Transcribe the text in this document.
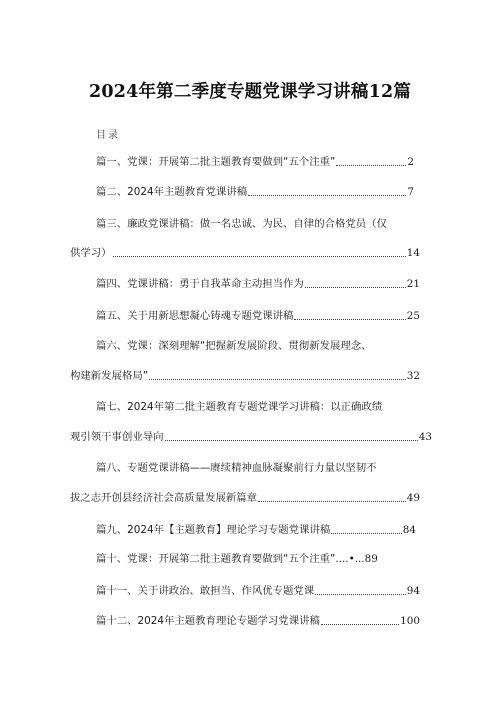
2024年第二季度专题党课学习讲稿12篇
目录
篇一、党课：开展第二批主题教育要做到“五个注重”	2
篇二、2024年主题教育党课讲稿	7
篇三、廉政党课讲稿：做一名忠诚、为民、自律的合格党员（仅
供学习）	14
篇四、党课讲稿：勇于自我革命主动担当作为	21
篇五、关于用新思想凝心铸魂专题党课讲稿	25
篇六、党课：深刻理解“把握新发展阶段、贯彻新发展理念、
构建新发展格局”	32
篇七、2024年第二批主题教育专题党课学习讲稿：以正确政绩
观引领干事创业导向	43
篇八、专题党课讲稿——赓续精神血脉凝聚前行力量以坚韧不
拔之志开创县经济社会高质量发展新篇章	49
篇九、2024年【主题教育】理论学习专题党课讲稿	84
篇十、党课：开展第二批主题教育要做到“五个注重” ....•...89
篇十一、关于讲政治、敢担当、作风优专题党课	94
篇十二、2024年主题教育理论专题学习党课讲稿	100
